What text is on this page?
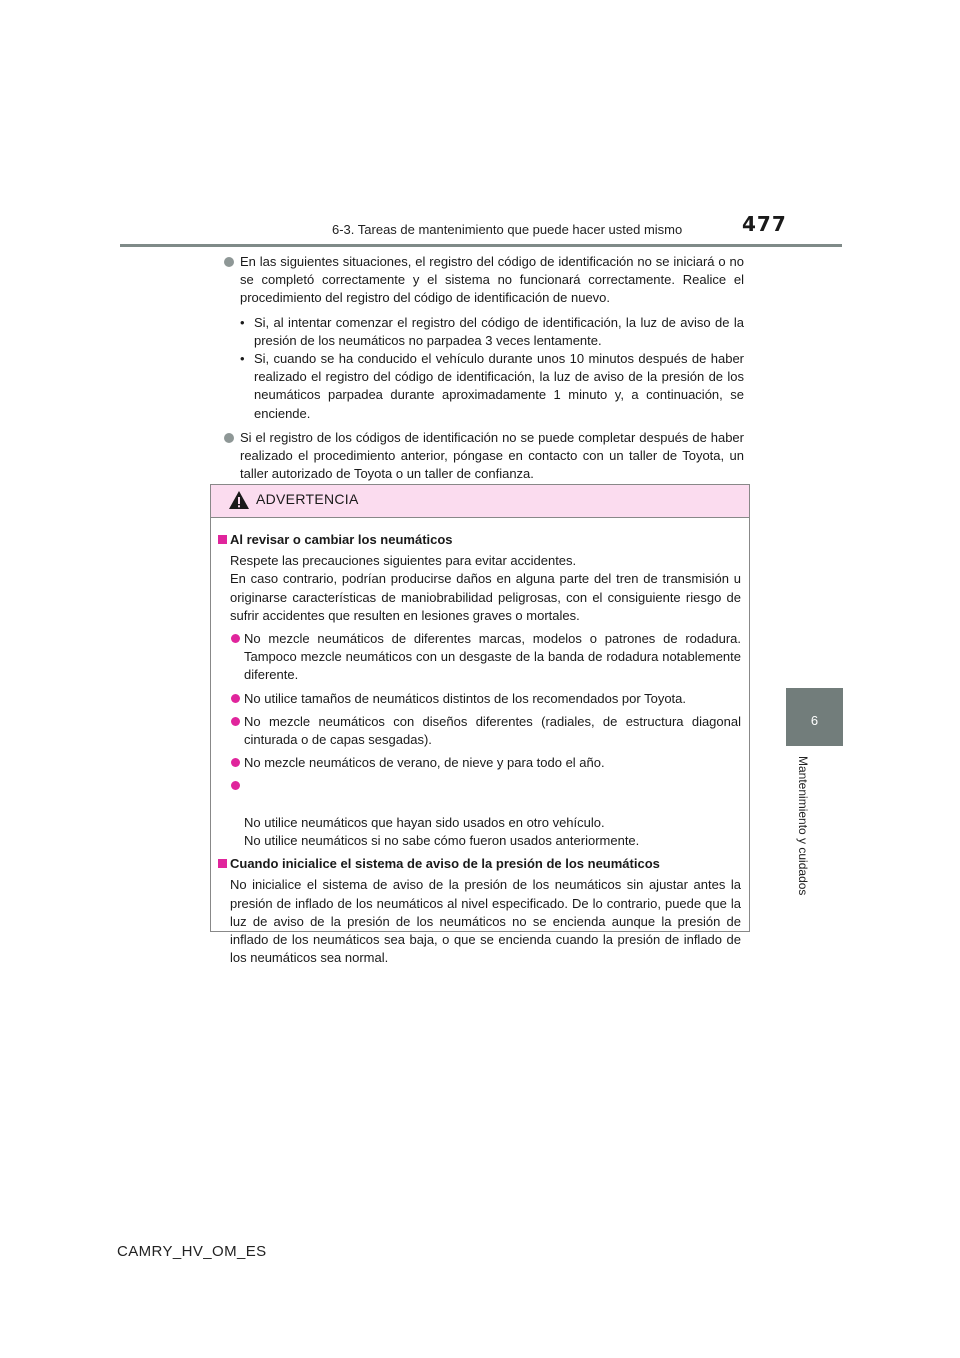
6-3. Tareas de mantenimiento que puede hacer usted mismo	477
6
Mantenimiento y cuidados

En las siguientes situaciones, el registro del código de identificación no se iniciará o no se completó correctamente y el sistema no funcionará correctamente. Realice el procedimiento del registro del código de identificación de nuevo.

• Si, al intentar comenzar el registro del código de identificación, la luz de aviso de la presión de los neumáticos no parpadea 3 veces lentamente.
• Si, cuando se ha conducido el vehículo durante unos 10 minutos después de haber realizado el registro del código de identificación, la luz de aviso de la presión de los neumáticos parpadea durante aproximadamente 1 minuto y, a continuación, se enciende.

Si el registro de los códigos de identificación no se puede completar después de haber realizado el procedimiento anterior, póngase en contacto con un taller de Toyota, un taller autorizado de Toyota o un taller de confianza.

ADVERTENCIA
Al revisar o cambiar los neumáticos
Respete las precauciones siguientes para evitar accidentes.
En caso contrario, podrían producirse daños en alguna parte del tren de transmisión u originarse características de maniobrabilidad peligrosas, con el consiguiente riesgo de sufrir accidentes que resulten en lesiones graves o mortales.
No mezcle neumáticos de diferentes marcas, modelos o patrones de rodadura. Tampoco mezcle neumáticos con un desgaste de la banda de rodadura notablemente diferente.
No utilice tamaños de neumáticos distintos de los recomendados por Toyota.
No mezcle neumáticos con diseños diferentes (radiales, de estructura diagonal cinturada o de capas sesgadas).
No mezcle neumáticos de verano, de nieve y para todo el año.

No utilice neumáticos que hayan sido usados en otro vehículo.
No utilice neumáticos si no sabe cómo fueron usados anteriormente.

Cuando inicialice el sistema de aviso de la presión de los neumáticos
No inicialice el sistema de aviso de la presión de los neumáticos sin ajustar antes la presión de inflado de los neumáticos al nivel especificado. De lo contrario, puede que la luz de aviso de la presión de los neumáticos no se encienda aunque la presión de inflado de los neumáticos sea baja, o que se encienda cuando la presión de inflado de los neumáticos sea normal.
CAMRY_HV_OM_ES
